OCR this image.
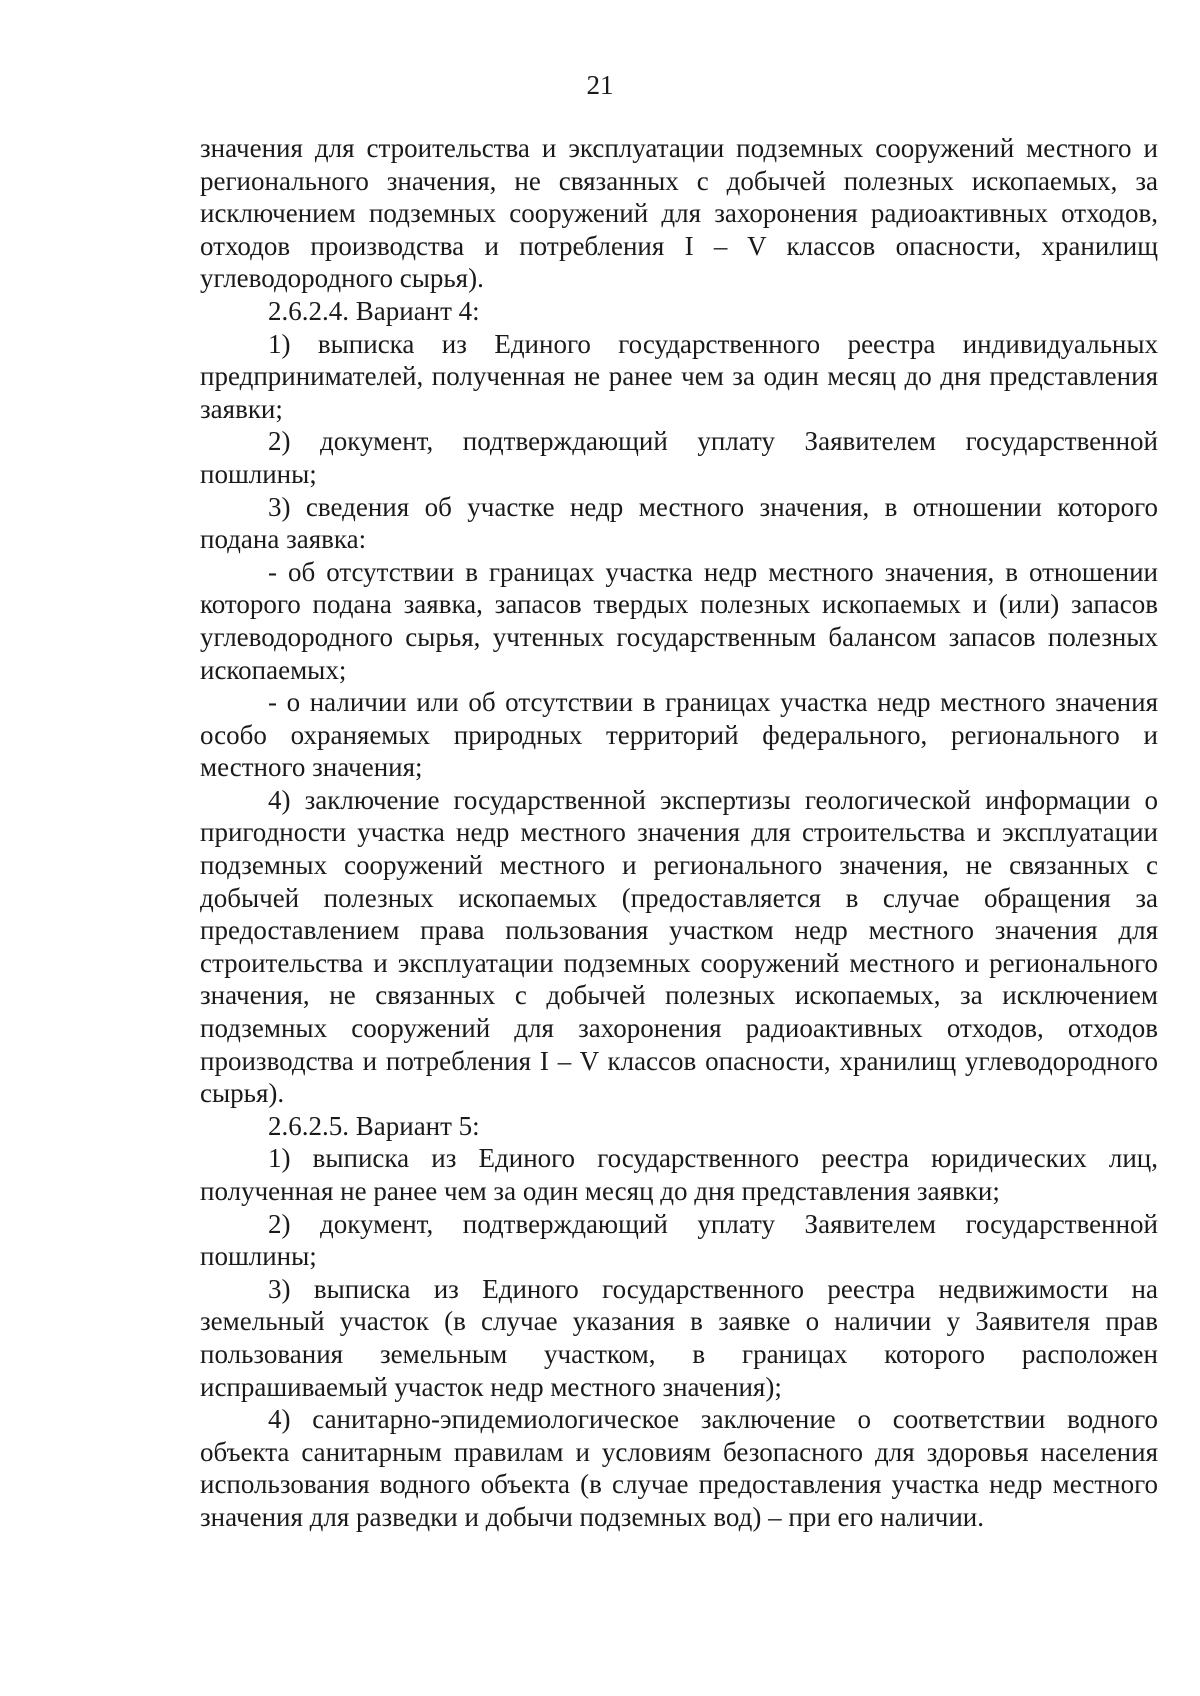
21

значения для строительства и эксплуатации подземных сооружений местного и регионального значения, не связанных с добычей полезных ископаемых, за исключением подземных сооружений для захоронения радиоактивных отходов, отходов производства и потребления I – V классов опасности, хранилищ углеводородного сырья).

2.6.2.4. Вариант 4:

1) выписка из Единого государственного реестра индивидуальных предпринимателей, полученная не ранее чем за один месяц до дня представления заявки;

2) документ, подтверждающий уплату Заявителем государственной пошлины;

3) сведения об участке недр местного значения, в отношении которого подана заявка:

- об отсутствии в границах участка недр местного значения, в отношении которого подана заявка, запасов твердых полезных ископаемых и (или) запасов углеводородного сырья, учтенных государственным балансом запасов полезных ископаемых;

- о наличии или об отсутствии в границах участка недр местного значения особо охраняемых природных территорий федерального, регионального и местного значения;

4) заключение государственной экспертизы геологической информации о пригодности участка недр местного значения для строительства и эксплуатации подземных сооружений местного и регионального значения, не связанных с добычей полезных ископаемых (предоставляется в случае обращения за предоставлением права пользования участком недр местного значения для строительства и эксплуатации подземных сооружений местного и регионального значения, не связанных с добычей полезных ископаемых, за исключением подземных сооружений для захоронения радиоактивных отходов, отходов производства и потребления I – V классов опасности, хранилищ углеводородного сырья).

2.6.2.5. Вариант 5:

1) выписка из Единого государственного реестра юридических лиц, полученная не ранее чем за один месяц до дня представления заявки;

2) документ, подтверждающий уплату Заявителем государственной пошлины;

3) выписка из Единого государственного реестра недвижимости на земельный участок (в случае указания в заявке о наличии у Заявителя прав пользования земельным участком, в границах которого расположен испрашиваемый участок недр местного значения);

4) санитарно-эпидемиологическое заключение о соответствии водного объекта санитарным правилам и условиям безопасного для здоровья населения использования водного объекта (в случае предоставления участка недр местного значения для разведки и добычи подземных вод) – при его наличии.
